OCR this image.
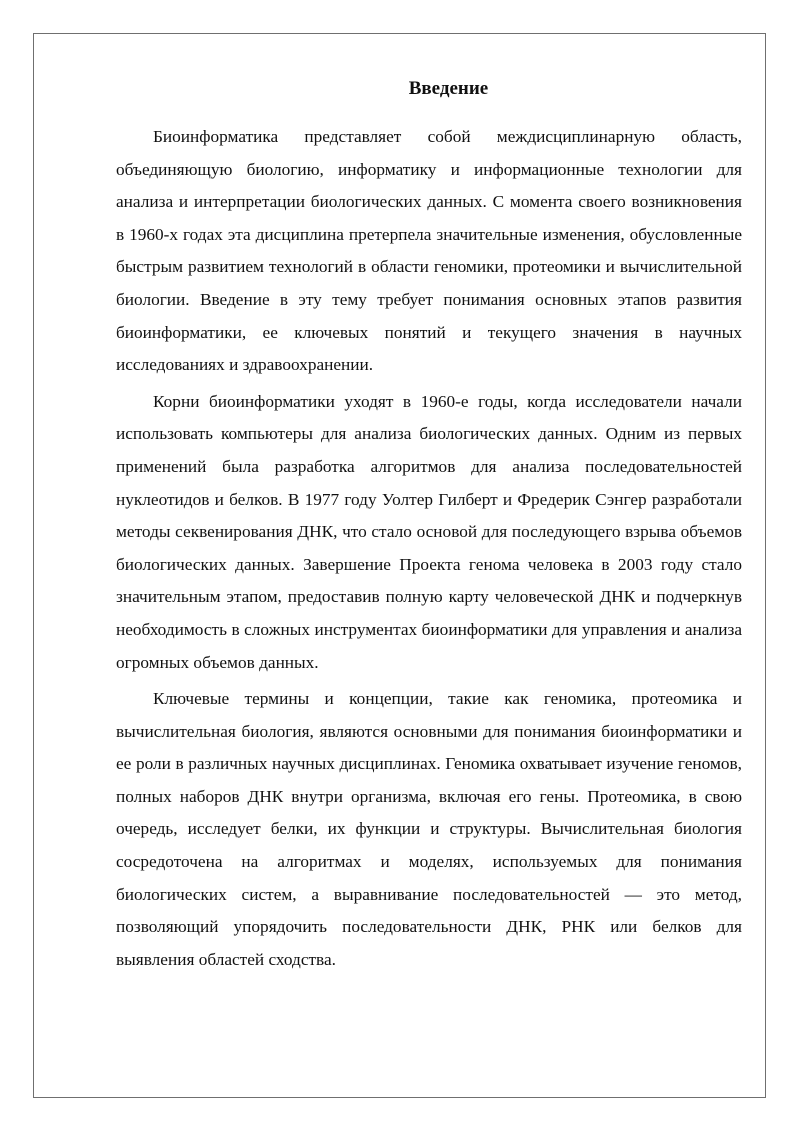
Введение

Биоинформатика представляет собой междисциплинарную область, объединяющую биологию, информатику и информационные технологии для анализа и интерпретации биологических данных. С момента своего возникновения в 1960-х годах эта дисциплина претерпела значительные изменения, обусловленные быстрым развитием технологий в области геномики, протеомики и вычислительной биологии. Введение в эту тему требует понимания основных этапов развития биоинформатики, ее ключевых понятий и текущего значения в научных исследованиях и здравоохранении.

Корни биоинформатики уходят в 1960-е годы, когда исследователи начали использовать компьютеры для анализа биологических данных. Одним из первых применений была разработка алгоритмов для анализа последовательностей нуклеотидов и белков. В 1977 году Уолтер Гилберт и Фредерик Сэнгер разработали методы секвенирования ДНК, что стало основой для последующего взрыва объемов биологических данных. Завершение Проекта генома человека в 2003 году стало значительным этапом, предоставив полную карту человеческой ДНК и подчеркнув необходимость в сложных инструментах биоинформатики для управления и анализа огромных объемов данных.

Ключевые термины и концепции, такие как геномика, протеомика и вычислительная биология, являются основными для понимания биоинформатики и ее роли в различных научных дисциплинах. Геномика охватывает изучение геномов, полных наборов ДНК внутри организма, включая его гены. Протеомика, в свою очередь, исследует белки, их функции и структуры. Вычислительная биология сосредоточена на алгоритмах и моделях, используемых для понимания биологических систем, а выравнивание последовательностей — это метод, позволяющий упорядочить последовательности ДНК, РНК или белков для выявления областей сходства.
